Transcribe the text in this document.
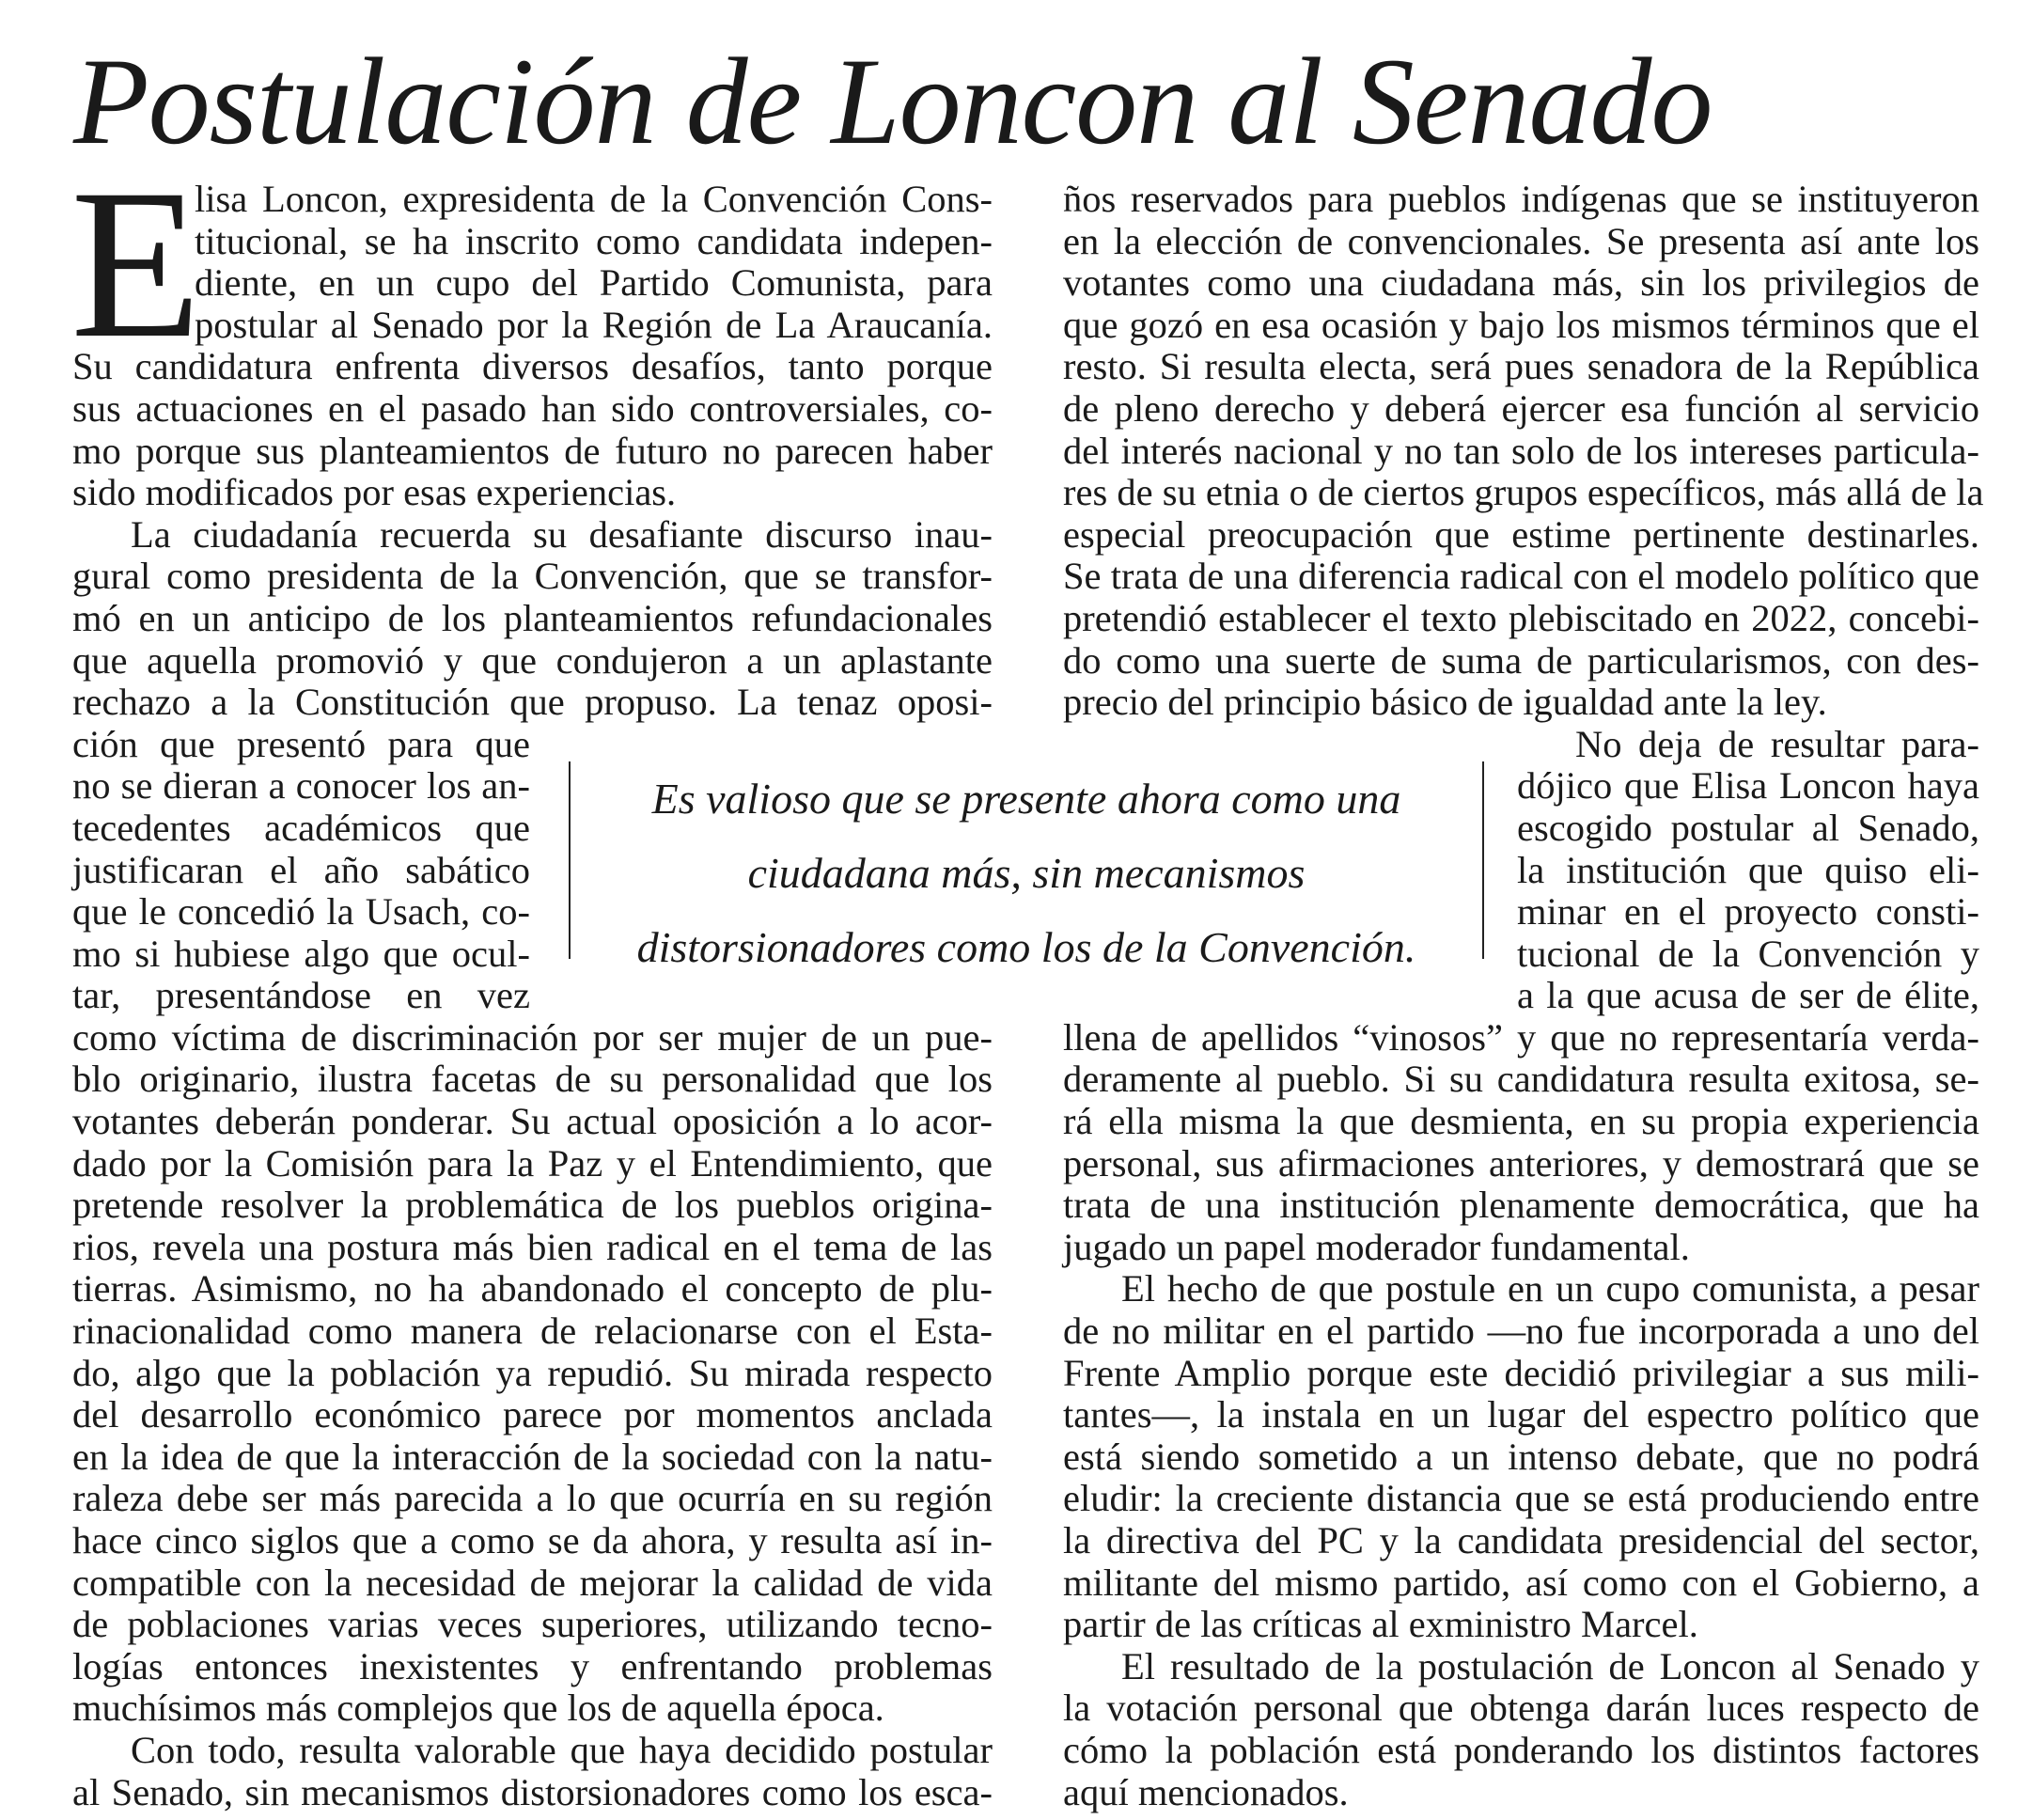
Postulación de Loncon al Senado
E
lisa Loncon, expresidenta de la Convención Cons-
titucional, se ha inscrito como candidata indepen-
diente, en un cupo del Partido Comunista, para
postular al Senado por la Región de La Araucanía.
Su candidatura enfrenta diversos desafíos, tanto porque
sus actuaciones en el pasado han sido controversiales, co-
mo porque sus planteamientos de futuro no parecen haber
sido modificados por esas experiencias.
La ciudadanía recuerda su desafiante discurso inau-
gural como presidenta de la Convención, que se transfor-
mó en un anticipo de los planteamientos refundacionales
que aquella promovió y que condujeron a un aplastante
rechazo a la Constitución que propuso. La tenaz oposi-
ción que presentó para que
no se dieran a conocer los an-
tecedentes académicos que
justificaran el año sabático
que le concedió la Usach, co-
mo si hubiese algo que ocul-
tar, presentándose en vez
como víctima de discriminación por ser mujer de un pue-
blo originario, ilustra facetas de su personalidad que los
votantes deberán ponderar. Su actual oposición a lo acor-
dado por la Comisión para la Paz y el Entendimiento, que
pretende resolver la problemática de los pueblos origina-
rios, revela una postura más bien radical en el tema de las
tierras. Asimismo, no ha abandonado el concepto de plu-
rinacionalidad como manera de relacionarse con el Esta-
do, algo que la población ya repudió. Su mirada respecto
del desarrollo económico parece por momentos anclada
en la idea de que la interacción de la sociedad con la natu-
raleza debe ser más parecida a lo que ocurría en su región
hace cinco siglos que a como se da ahora, y resulta así in-
compatible con la necesidad de mejorar la calidad de vida
de poblaciones varias veces superiores, utilizando tecno-
logías entonces inexistentes y enfrentando problemas
muchísimos más complejos que los de aquella época.
Con todo, resulta valorable que haya decidido postular
al Senado, sin mecanismos distorsionadores como los esca-
ños reservados para pueblos indígenas que se instituyeron
en la elección de convencionales. Se presenta así ante los
votantes como una ciudadana más, sin los privilegios de
que gozó en esa ocasión y bajo los mismos términos que el
resto. Si resulta electa, será pues senadora de la República
de pleno derecho y deberá ejercer esa función al servicio
del interés nacional y no tan solo de los intereses particula-
res de su etnia o de ciertos grupos específicos, más allá de la
especial preocupación que estime pertinente destinarles.
Se trata de una diferencia radical con el modelo político que
pretendió establecer el texto plebiscitado en 2022, concebi-
do como una suerte de suma de particularismos, con des-
precio del principio básico de igualdad ante la ley.
No deja de resultar para-
dójico que Elisa Loncon haya
escogido postular al Senado,
la institución que quiso eli-
minar en el proyecto consti-
tucional de la Convención y
a la que acusa de ser de élite,
llena de apellidos “vinosos” y que no representaría verda-
deramente al pueblo. Si su candidatura resulta exitosa, se-
rá ella misma la que desmienta, en su propia experiencia
personal, sus afirmaciones anteriores, y demostrará que se
trata de una institución plenamente democrática, que ha
jugado un papel moderador fundamental.
El hecho de que postule en un cupo comunista, a pesar
de no militar en el partido —no fue incorporada a uno del
Frente Amplio porque este decidió privilegiar a sus mili-
tantes—, la instala en un lugar del espectro político que
está siendo sometido a un intenso debate, que no podrá
eludir: la creciente distancia que se está produciendo entre
la directiva del PC y la candidata presidencial del sector,
militante del mismo partido, así como con el Gobierno, a
partir de las críticas al exministro Marcel.
El resultado de la postulación de Loncon al Senado y
la votación personal que obtenga darán luces respecto de
cómo la población está ponderando los distintos factores
aquí mencionados.
Es valioso que se presente ahora como una
ciudadana más, sin mecanismos
distorsionadores como los de la Convención.
